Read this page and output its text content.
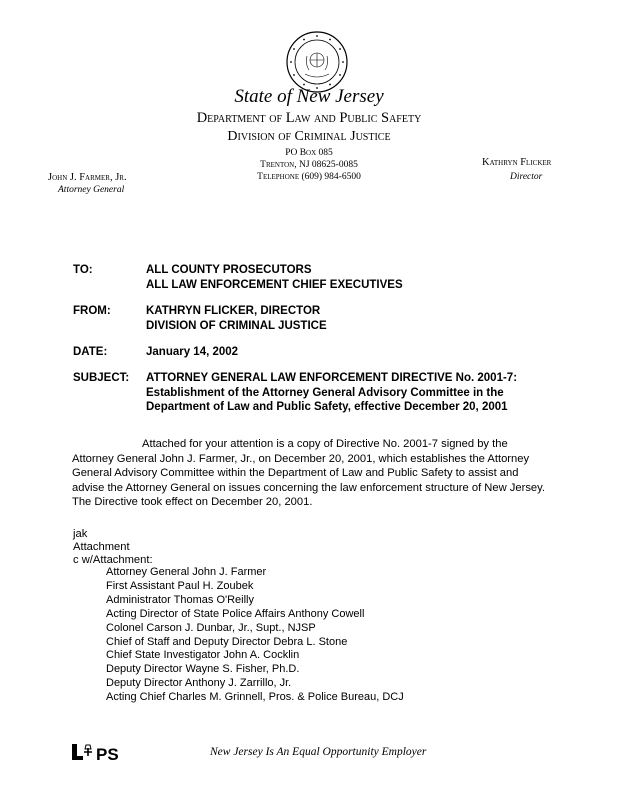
State of New Jersey
Department of Law and Public Safety
Division of Criminal Justice
PO Box 085
Trenton, NJ 08625-0085
Telephone (609) 984-6500
John J. Farmer, Jr.
Attorney General
Kathryn Flicker
Director
TO:	ALL COUNTY PROSECUTORS
ALL LAW ENFORCEMENT CHIEF EXECUTIVES
FROM:	KATHRYN FLICKER, DIRECTOR
DIVISION OF CRIMINAL JUSTICE
DATE:	January 14, 2002
SUBJECT: ATTORNEY GENERAL LAW ENFORCEMENT DIRECTIVE No. 2001-7:
Establishment of the Attorney General Advisory Committee in the
Department of Law and Public Safety, effective December 20, 2001
Attached for your attention is a copy of Directive No. 2001-7 signed by the Attorney General John J. Farmer, Jr., on December 20, 2001, which establishes the Attorney General Advisory Committee within the Department of Law and Public Safety to assist and advise the Attorney General on issues concerning the law enforcement structure of New Jersey. The Directive took effect on December 20, 2001.
jak
Attachment
c w/Attachment:
Attorney General John J. Farmer
First Assistant Paul H. Zoubek
Administrator Thomas O'Reilly
Acting Director of State Police Affairs Anthony Cowell
Colonel Carson J. Dunbar, Jr., Supt., NJSP
Chief of Staff and Deputy Director Debra L. Stone
Chief State Investigator John A. Cocklin
Deputy Director Wayne S. Fisher, Ph.D.
Deputy Director Anthony J. Zarrillo, Jr.
Acting Chief Charles M. Grinnell, Pros. & Police Bureau, DCJ
PS	New Jersey Is An Equal Opportunity Employer
